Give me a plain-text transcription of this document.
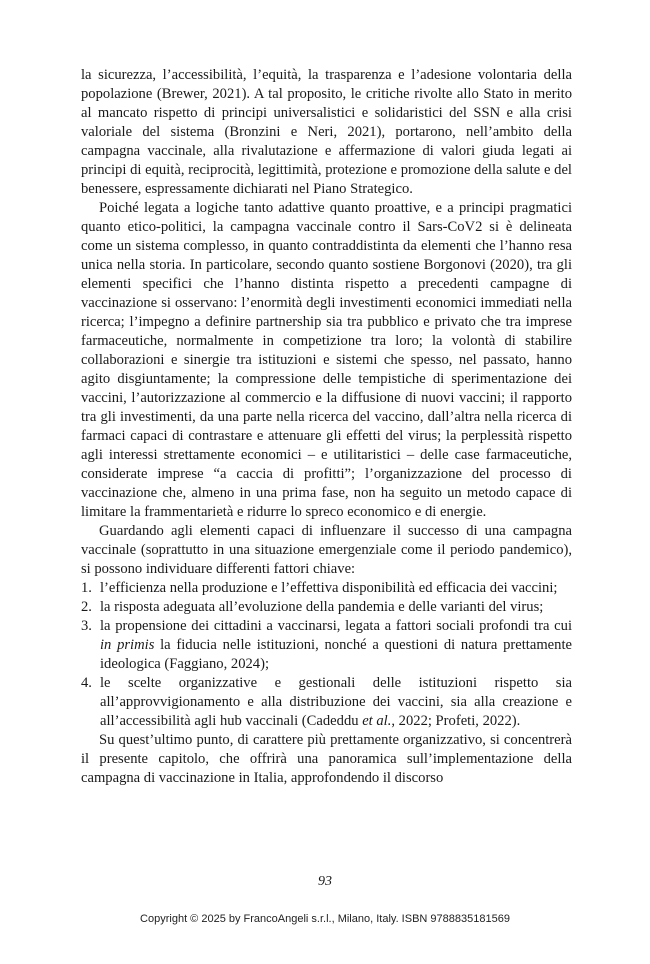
la sicurezza, l’accessibilità, l’equità, la trasparenza e l’adesione volontaria della popolazione (Brewer, 2021). A tal proposito, le critiche rivolte allo Stato in merito al mancato rispetto di principi universalistici e solidaristici del SSN e alla crisi valoriale del sistema (Bronzini e Neri, 2021), portarono, nell’ambito della campagna vaccinale, alla rivalutazione e affermazione di valori giuda legati ai principi di equità, reciprocità, legittimità, protezione e promozione della salute e del benessere, espressamente dichiarati nel Piano Strategico.

Poiché legata a logiche tanto adattive quanto proattive, e a principi pragmatici quanto etico-politici, la campagna vaccinale contro il Sars-CoV2 si è delineata come un sistema complesso, in quanto contraddistinta da elementi che l’hanno resa unica nella storia. In particolare, secondo quanto sostiene Borgonovi (2020), tra gli elementi specifici che l’hanno distinta rispetto a precedenti campagne di vaccinazione si osservano: l’enormità degli investimenti economici immediati nella ricerca; l’impegno a definire partnership sia tra pubblico e privato che tra imprese farmaceutiche, normalmente in competizione tra loro; la volontà di stabilire collaborazioni e sinergie tra istituzioni e sistemi che spesso, nel passato, hanno agito disgiuntamente; la compressione delle tempistiche di sperimentazione dei vaccini, l’autorizzazione al commercio e la diffusione di nuovi vaccini; il rapporto tra gli investimenti, da una parte nella ricerca del vaccino, dall’altra nella ricerca di farmaci capaci di contrastare e attenuare gli effetti del virus; la perplessità rispetto agli interessi strettamente economici – e utilitaristici – delle case farmaceutiche, considerate imprese “a caccia di profitti”; l’organizzazione del processo di vaccinazione che, almeno in una prima fase, non ha seguito un metodo capace di limitare la frammentarietà e ridurre lo spreco economico e di energie.

Guardando agli elementi capaci di influenzare il successo di una campagna vaccinale (soprattutto in una situazione emergenziale come il periodo pandemico), si possono individuare differenti fattori chiave:

1. l’efficienza nella produzione e l’effettiva disponibilità ed efficacia dei vaccini;
2. la risposta adeguata all’evoluzione della pandemia e delle varianti del virus;
3. la propensione dei cittadini a vaccinarsi, legata a fattori sociali profondi tra cui in primis la fiducia nelle istituzioni, nonché a questioni di natura prettamente ideologica (Faggiano, 2024);
4. le scelte organizzative e gestionali delle istituzioni rispetto sia all’approvvigionamento e alla distribuzione dei vaccini, sia alla creazione e all’accessibilità agli hub vaccinali (Cadeddu et al., 2022; Profeti, 2022).

Su quest’ultimo punto, di carattere più prettamente organizzativo, si concentrerà il presente capitolo, che offrirà una panoramica sull’implementazione della campagna di vaccinazione in Italia, approfondendo il discorso

93
Copyright © 2025 by FrancoAngeli s.r.l., Milano, Italy. ISBN 9788835181569
